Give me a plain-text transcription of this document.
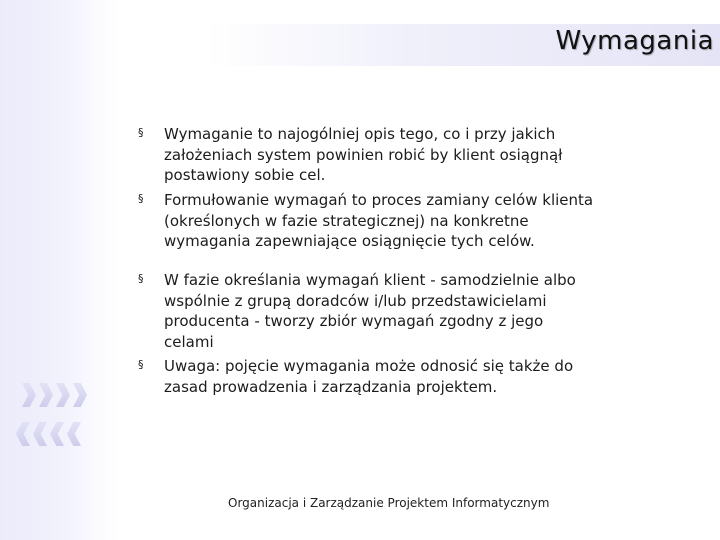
Wymagania
§ Wymaganie to najogólniej opis tego, co i przy jakich założeniach system powinien robić by klient osiągnął postawiony sobie cel.
§ Formułowanie wymagań to proces zamiany celów klienta (określonych w fazie strategicznej) na konkretne wymagania zapewniające osiągnięcie tych celów.
§ W fazie określania wymagań klient - samodzielnie albo wspólnie z grupą doradców i/lub przedstawicielami producenta - tworzy zbiór wymagań zgodny z jego celami
§ Uwaga: pojęcie wymagania może odnosić się także do zasad prowadzenia i zarządzania projektem.
Organizacja i Zarządzanie Projektem Informatycznym
